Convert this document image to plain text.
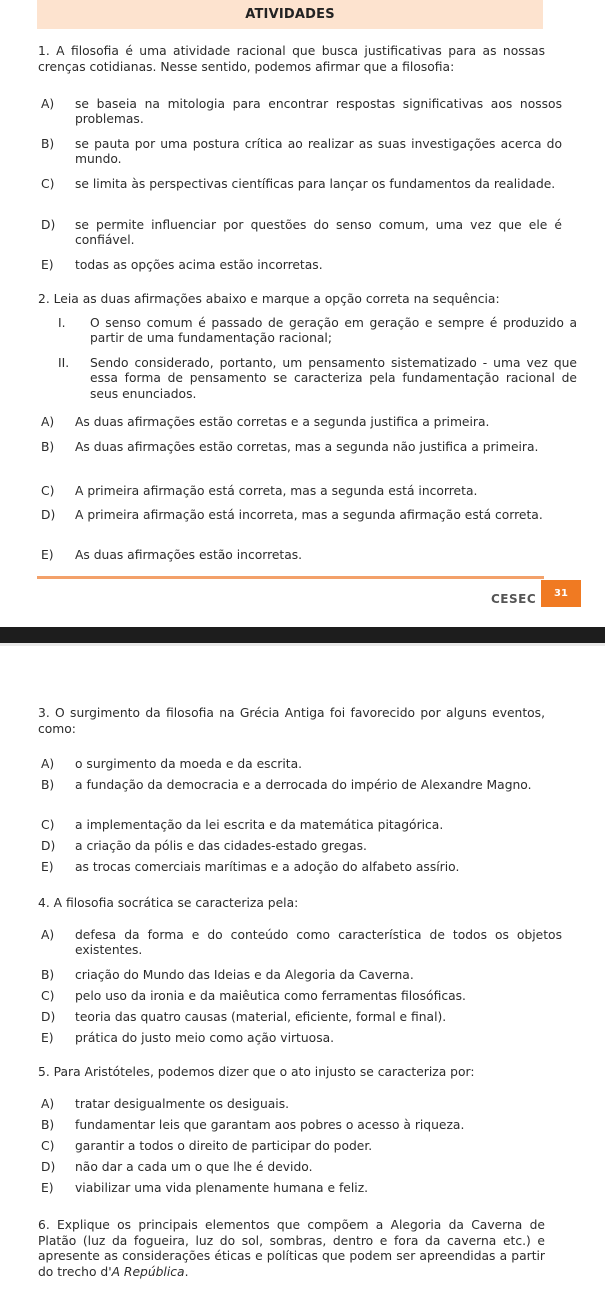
ATIVIDADES

1. A filosofia é uma atividade racional que busca justificativas para as nossas crenças cotidianas. Nesse sentido, podemos afirmar que a filosofia:

A) se baseia na mitologia para encontrar respostas significativas aos nossos problemas.
B) se pauta por uma postura crítica ao realizar as suas investigações acerca do mundo.
C) se limita às perspectivas científicas para lançar os fundamentos da realidade.
D) se permite influenciar por questões do senso comum, uma vez que ele é confiável.
E) todas as opções acima estão incorretas.

2. Leia as duas afirmações abaixo e marque a opção correta na sequência:

I. O senso comum é passado de geração em geração e sempre é produzido a partir de uma fundamentação racional;
II. Sendo considerado, portanto, um pensamento sistematizado - uma vez que essa forma de pensamento se caracteriza pela fundamentação racional de seus enunciados.
A) As duas afirmações estão corretas e a segunda justifica a primeira.
B) As duas afirmações estão corretas, mas a segunda não justifica a primeira.
C) A primeira afirmação está correta, mas a segunda está incorreta.
D) A primeira afirmação está incorreta, mas a segunda afirmação está correta.
E) As duas afirmações estão incorretas.
CESEC 31

3. O surgimento da filosofia na Grécia Antiga foi favorecido por alguns eventos, como:

A) o surgimento da moeda e da escrita.
B) a fundação da democracia e a derrocada do império de Alexandre Magno.
C) a implementação da lei escrita e da matemática pitagórica.
D) a criação da pólis e das cidades-estado gregas.
E) as trocas comerciais marítimas e a adoção do alfabeto assírio.

4. A filosofia socrática se caracteriza pela:

A) defesa da forma e do conteúdo como característica de todos os objetos existentes.
B) criação do Mundo das Ideias e da Alegoria da Caverna.
C) pelo uso da ironia e da maiêutica como ferramentas filosóficas.
D) teoria das quatro causas (material, eficiente, formal e final).
E) prática do justo meio como ação virtuosa.

5. Para Aristóteles, podemos dizer que o ato injusto se caracteriza por:

A) tratar desigualmente os desiguais.
B) fundamentar leis que garantam aos pobres o acesso à riqueza.
C) garantir a todos o direito de participar do poder.
D) não dar a cada um o que lhe é devido.
E) viabilizar uma vida plenamente humana e feliz.

6. Explique os principais elementos que compõem a Alegoria da Caverna de Platão (luz da fogueira, luz do sol, sombras, dentro e fora da caverna etc.) e apresente as considerações éticas e políticas que podem ser apreendidas a partir do trecho d'A República.
